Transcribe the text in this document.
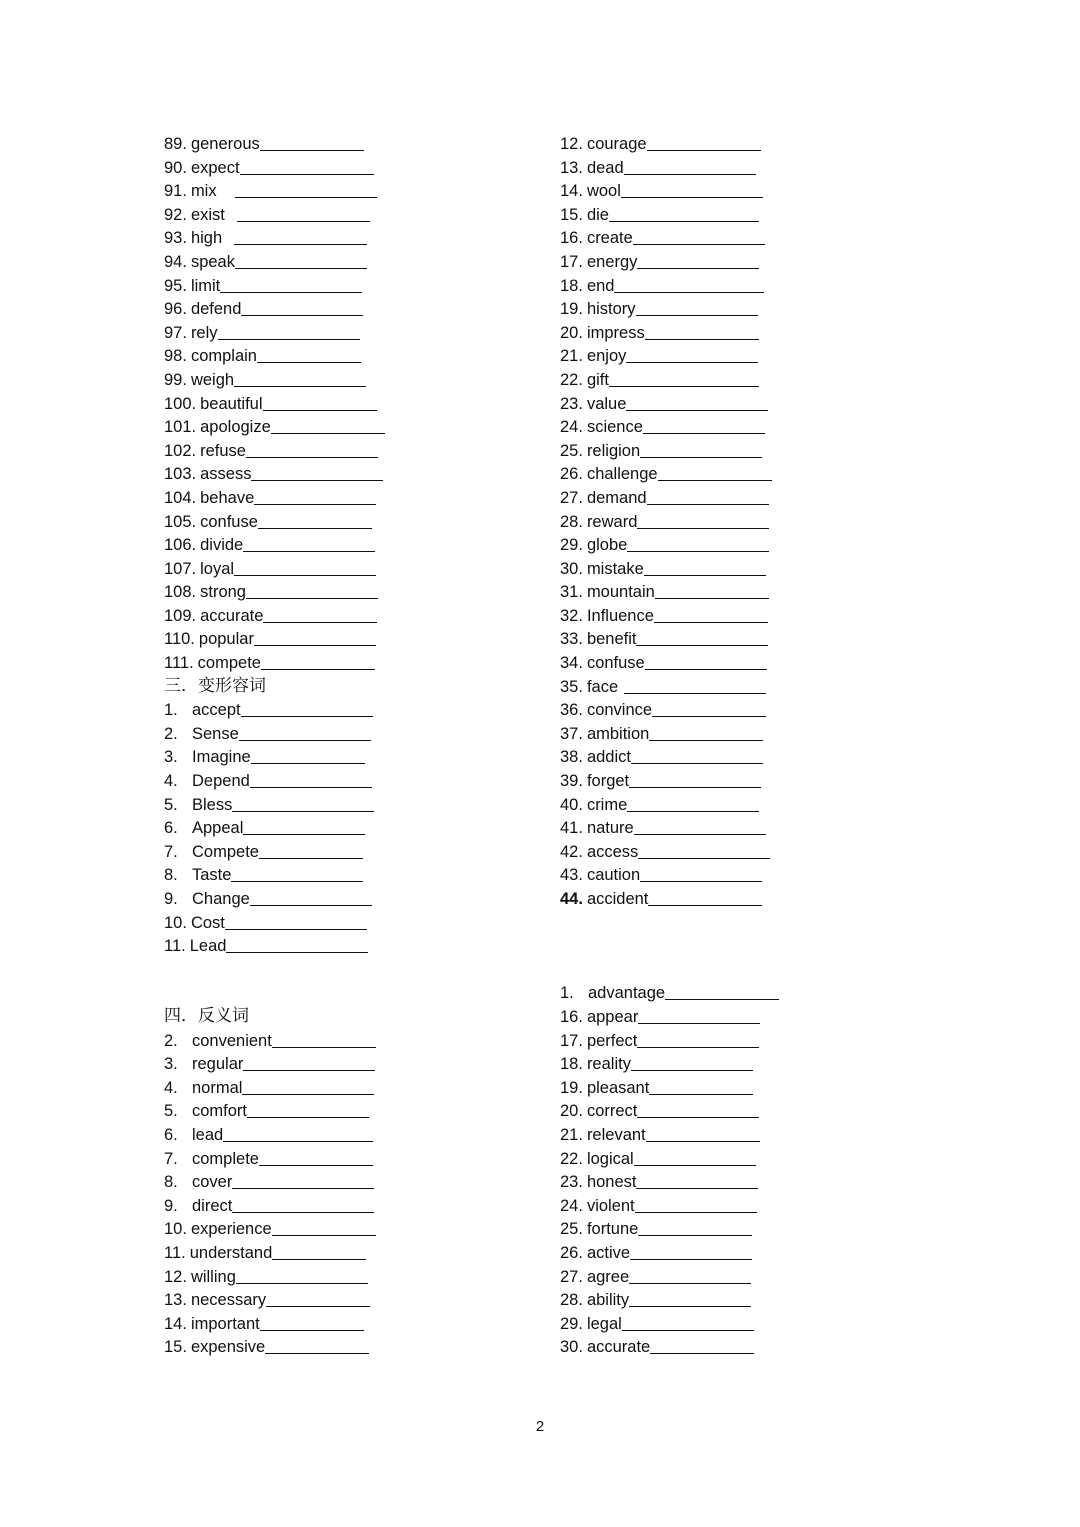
89. generous
90. expect
91. mix
92. exist
93. high
94. speak
95. limit
96. defend
97. rely
98. complain
99. weigh
100. beautiful
101. apologize
102. refuse
103. assess
104. behave
105. confuse
106. divide
107. loyal
108. strong
109. accurate
110. popular
111. compete
三．变形容词
1. accept
2. Sense
3. Imagine
4. Depend
5. Bless
6. Appeal
7. Compete
8. Taste
9. Change
10. Cost
11. Lead
四．反义词
2. convenient
3. regular
4. normal
5. comfort
6. lead
7. complete
8. cover
9. direct
10. experience
11. understand
12. willing
13. necessary
14. important
15. expensive
12. courage
13. dead
14. wool
15. die
16. create
17. energy
18. end
19. history
20. impress
21. enjoy
22. gift
23. value
24. science
25. religion
26. challenge
27. demand
28. reward
29. globe
30. mistake
31. mountain
32. Influence
33. benefit
34. confuse
35. face
36. convince
37. ambition
38. addict
39. forget
40. crime
41. nature
42. access
43. caution
44. accident
1. advantage
16. appear
17. perfect
18. reality
19. pleasant
20. correct
21. relevant
22. logical
23. honest
24. violent
25. fortune
26. active
27. agree
28. ability
29. legal
30. accurate
2
